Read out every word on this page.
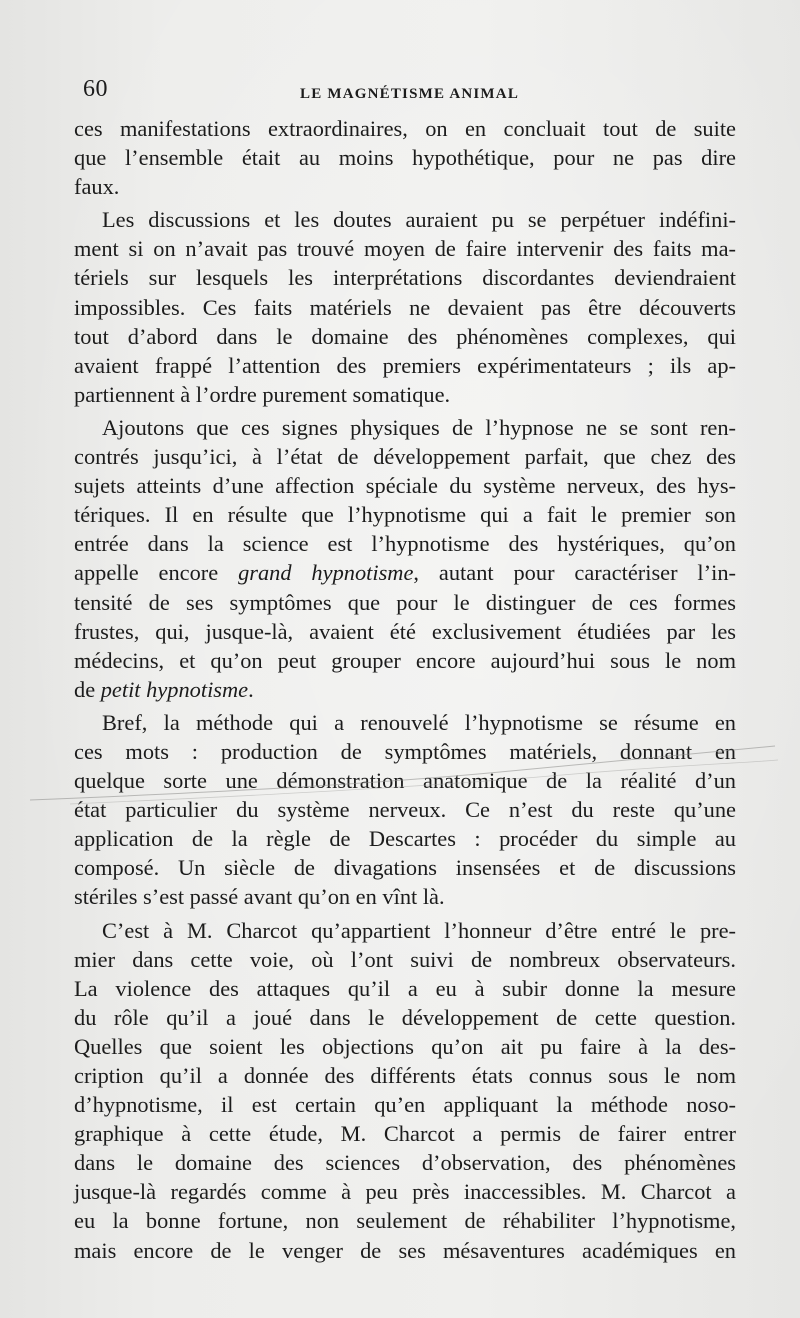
60	LE MAGNÉTISME ANIMAL
ces manifestations extraordinaires, on en concluait tout de suite
que l’ensemble était au moins hypothétique, pour ne pas dire
faux.
Les discussions et les doutes auraient pu se perpétuer indéfini-
ment si on n’avait pas trouvé moyen de faire intervenir des faits ma-
tériels sur lesquels les interprétations discordantes deviendraient
impossibles. Ces faits matériels ne devaient pas être découverts
tout d’abord dans le domaine des phénomènes complexes, qui
avaient frappé l’attention des premiers expérimentateurs ; ils ap-
partiennent à l’ordre purement somatique.
Ajoutons que ces signes physiques de l’hypnose ne se sont ren-
contrés jusqu’ici, à l’état de développement parfait, que chez des
sujets atteints d’une affection spéciale du système nerveux, des hys-
tériques. Il en résulte que l’hypnotisme qui a fait le premier son
entrée dans la science est l’hypnotisme des hystériques, qu’on
appelle encore grand hypnotisme, autant pour caractériser l’in-
tensité de ses symptômes que pour le distinguer de ces formes
frustes, qui, jusque-là, avaient été exclusivement étudiées par les
médecins, et qu’on peut grouper encore aujourd’hui sous le nom
de petit hypnotisme.
Bref, la méthode qui a renouvelé l’hypnotisme se résume en
ces mots : production de symptômes matériels, donnant en
quelque sorte une démonstration anatomique de la réalité d’un
état particulier du système nerveux. Ce n’est du reste qu’une
application de la règle de Descartes : procéder du simple au
composé. Un siècle de divagations insensées et de discussions
stériles s’est passé avant qu’on en vînt là.
C’est à M. Charcot qu’appartient l’honneur d’être entré le pre-
mier dans cette voie, où l’ont suivi de nombreux observateurs.
La violence des attaques qu’il a eu à subir donne la mesure
du rôle qu’il a joué dans le développement de cette question.
Quelles que soient les objections qu’on ait pu faire à la des-
cription qu’il a donnée des différents états connus sous le nom
d’hypnotisme, il est certain qu’en appliquant la méthode noso-
graphique à cette étude, M. Charcot a permis de fairer entrer
dans le domaine des sciences d’observation, des phénomènes
jusque-là regardés comme à peu près inaccessibles. M. Charcot a
eu la bonne fortune, non seulement de réhabiliter l’hypnotisme,
mais encore de le venger de ses mésaventures académiques en
